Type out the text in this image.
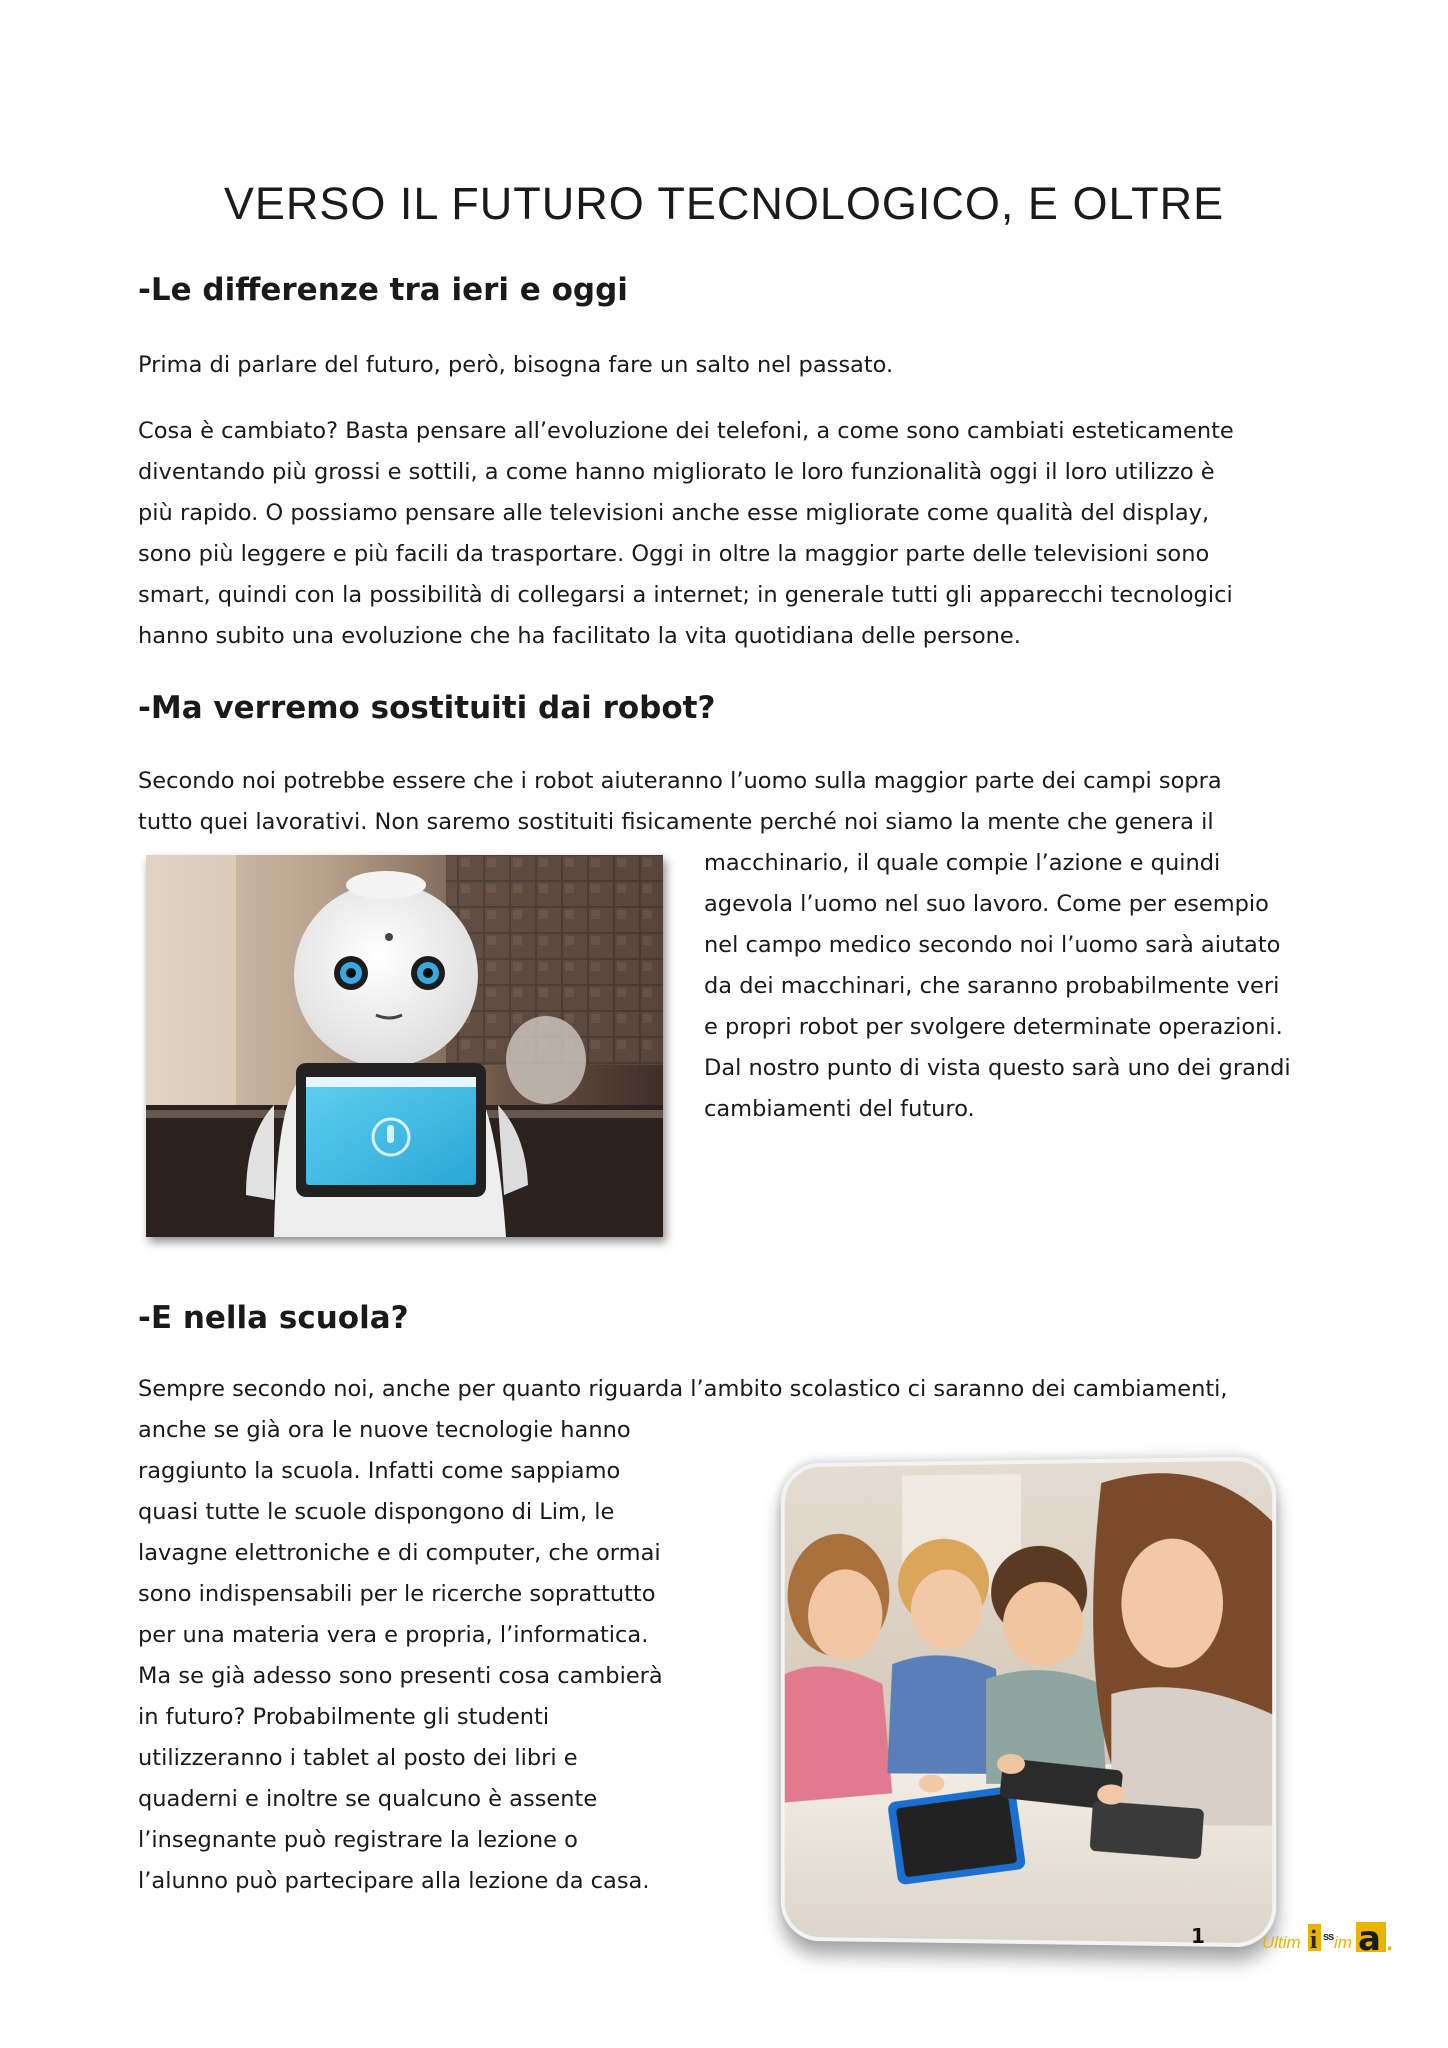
VERSO IL FUTURO TECNOLOGICO, E OLTRE
-Le differenze tra ieri e oggi
Prima di parlare del futuro, però, bisogna fare un salto nel passato.
Cosa è cambiato? Basta pensare all’evoluzione dei telefoni, a come sono cambiati esteticamente
diventando più grossi e sottili, a come hanno migliorato le loro funzionalità oggi il loro utilizzo è
più rapido. O possiamo pensare alle televisioni anche esse migliorate come qualità del display,
sono più leggere e più facili da trasportare. Oggi in oltre la maggior parte delle televisioni sono
smart, quindi con la possibilità di collegarsi a internet; in generale tutti gli apparecchi tecnologici
hanno subito una evoluzione che ha facilitato la vita quotidiana delle persone.
-Ma verremo sostituiti dai robot?
Secondo noi potrebbe essere che i robot aiuteranno l’uomo sulla maggior parte dei campi sopra
tutto quei lavorativi. Non saremo sostituiti fisicamente perché noi siamo la mente che genera il
macchinario, il quale compie l’azione e quindi
agevola l’uomo nel suo lavoro. Come per esempio
nel campo medico secondo noi l’uomo sarà aiutato
da dei macchinari, che saranno probabilmente veri
e propri robot per svolgere determinate operazioni.
Dal nostro punto di vista questo sarà uno dei grandi
cambiamenti del futuro.
-E nella scuola?
Sempre secondo noi, anche per quanto riguarda l’ambito scolastico ci saranno dei cambiamenti,
anche se già ora le nuove tecnologie hanno
raggiunto la scuola. Infatti come sappiamo
quasi tutte le scuole dispongono di Lim, le
lavagne elettroniche e di computer, che ormai
sono indispensabili per le ricerche soprattutto
per una materia vera e propria, l’informatica.
Ma se già adesso sono presenti cosa cambierà
in futuro? Probabilmente gli studenti
utilizzeranno i tablet al posto dei libri e
quaderni e inoltre se qualcuno è assente
l’insegnante può registrare la lezione o
l’alunno può partecipare alla lezione da casa.
1	Ultim i ss im a .
